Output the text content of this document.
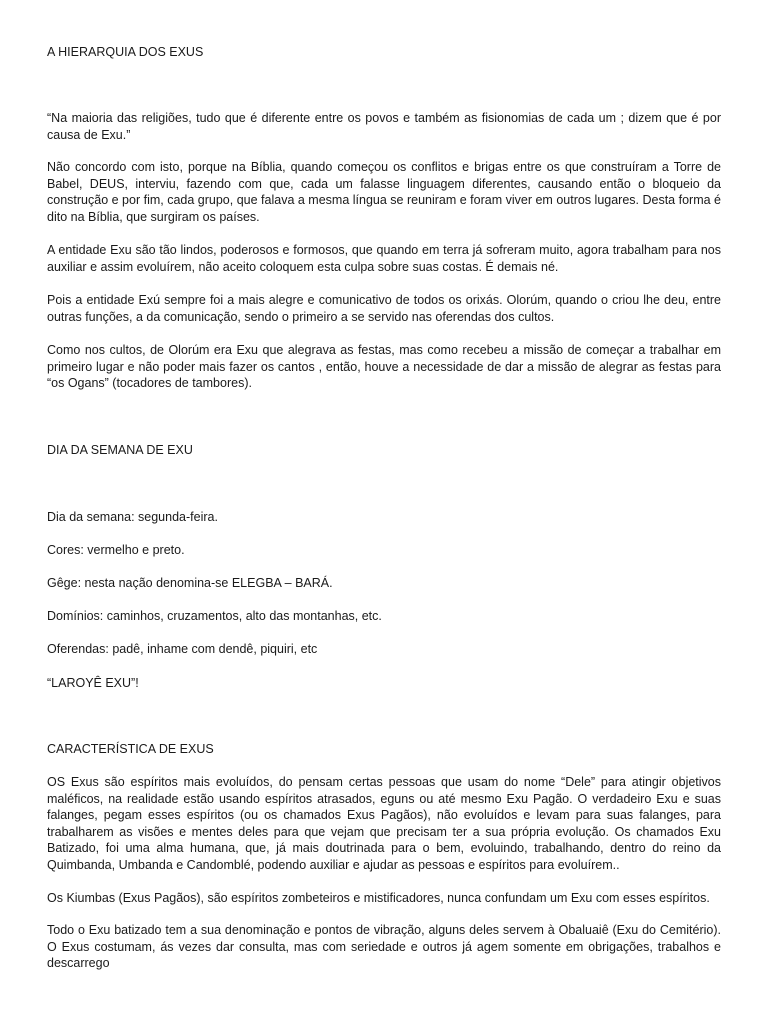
A HIERARQUIA DOS EXUS

“Na maioria das religiões, tudo que é diferente entre os povos e também as fisionomias de cada um ; dizem que é por causa de Exu.”

Não concordo com isto, porque na Bíblia, quando começou os conflitos e brigas entre os que construíram a Torre de Babel, DEUS, interviu, fazendo com que, cada um falasse linguagem diferentes, causando então o bloqueio da construção e por fim, cada grupo, que falava a mesma língua se reuniram e foram viver em outros lugares. Desta forma é dito na Bíblia, que surgiram os países.

A entidade Exu são tão lindos, poderosos e formosos, que quando em terra já sofreram muito, agora trabalham para nos auxiliar e assim evoluírem, não aceito coloquem esta culpa sobre suas costas. É demais né.

Pois a entidade Exú sempre foi a mais alegre e comunicativo de todos os orixás. Olorúm, quando o criou lhe deu, entre outras funções, a da comunicação, sendo o primeiro a se servido nas oferendas dos cultos.

Como nos cultos, de Olorúm era Exu que alegrava as festas, mas como recebeu a missão de começar a trabalhar em primeiro lugar e não poder mais fazer os cantos , então, houve a necessidade de dar a missão de alegrar as festas para “os Ogans” (tocadores de tambores).

DIA DA SEMANA DE EXU
Dia da semana: segunda-feira.
Cores: vermelho e preto.
Gêge: nesta nação denomina-se ELEGBA – BARÁ.
Domínios: caminhos, cruzamentos, alto das montanhas, etc.
Oferendas: padê, inhame com dendê, piquiri, etc
“LAROYÊ EXU”!
CARACTERÍSTICA DE EXUS

OS Exus são espíritos mais evoluídos, do pensam certas pessoas que usam do nome “Dele” para atingir objetivos maléficos, na realidade estão usando espíritos atrasados, eguns ou até mesmo Exu Pagão. O verdadeiro Exu e suas falanges, pegam esses espíritos (ou os chamados Exus Pagãos), não evoluídos e levam para suas falanges, para trabalharem as visões e mentes deles para que vejam que precisam ter a sua própria evolução. Os chamados Exu Batizado, foi uma alma humana, que, já mais doutrinada para o bem, evoluindo, trabalhando, dentro do reino da Quimbanda, Umbanda e Candomblé, podendo auxiliar e ajudar as pessoas e espíritos para evoluírem..

Os Kiumbas (Exus Pagãos), são espíritos zombeteiros e mistificadores, nunca confundam um Exu com esses espíritos.

Todo o Exu batizado tem a sua denominação e pontos de vibração, alguns deles servem à Obaluaiê (Exu do Cemitério). O Exus costumam, ás vezes dar consulta, mas com seriedade e outros já agem somente em obrigações, trabalhos e descarrego
